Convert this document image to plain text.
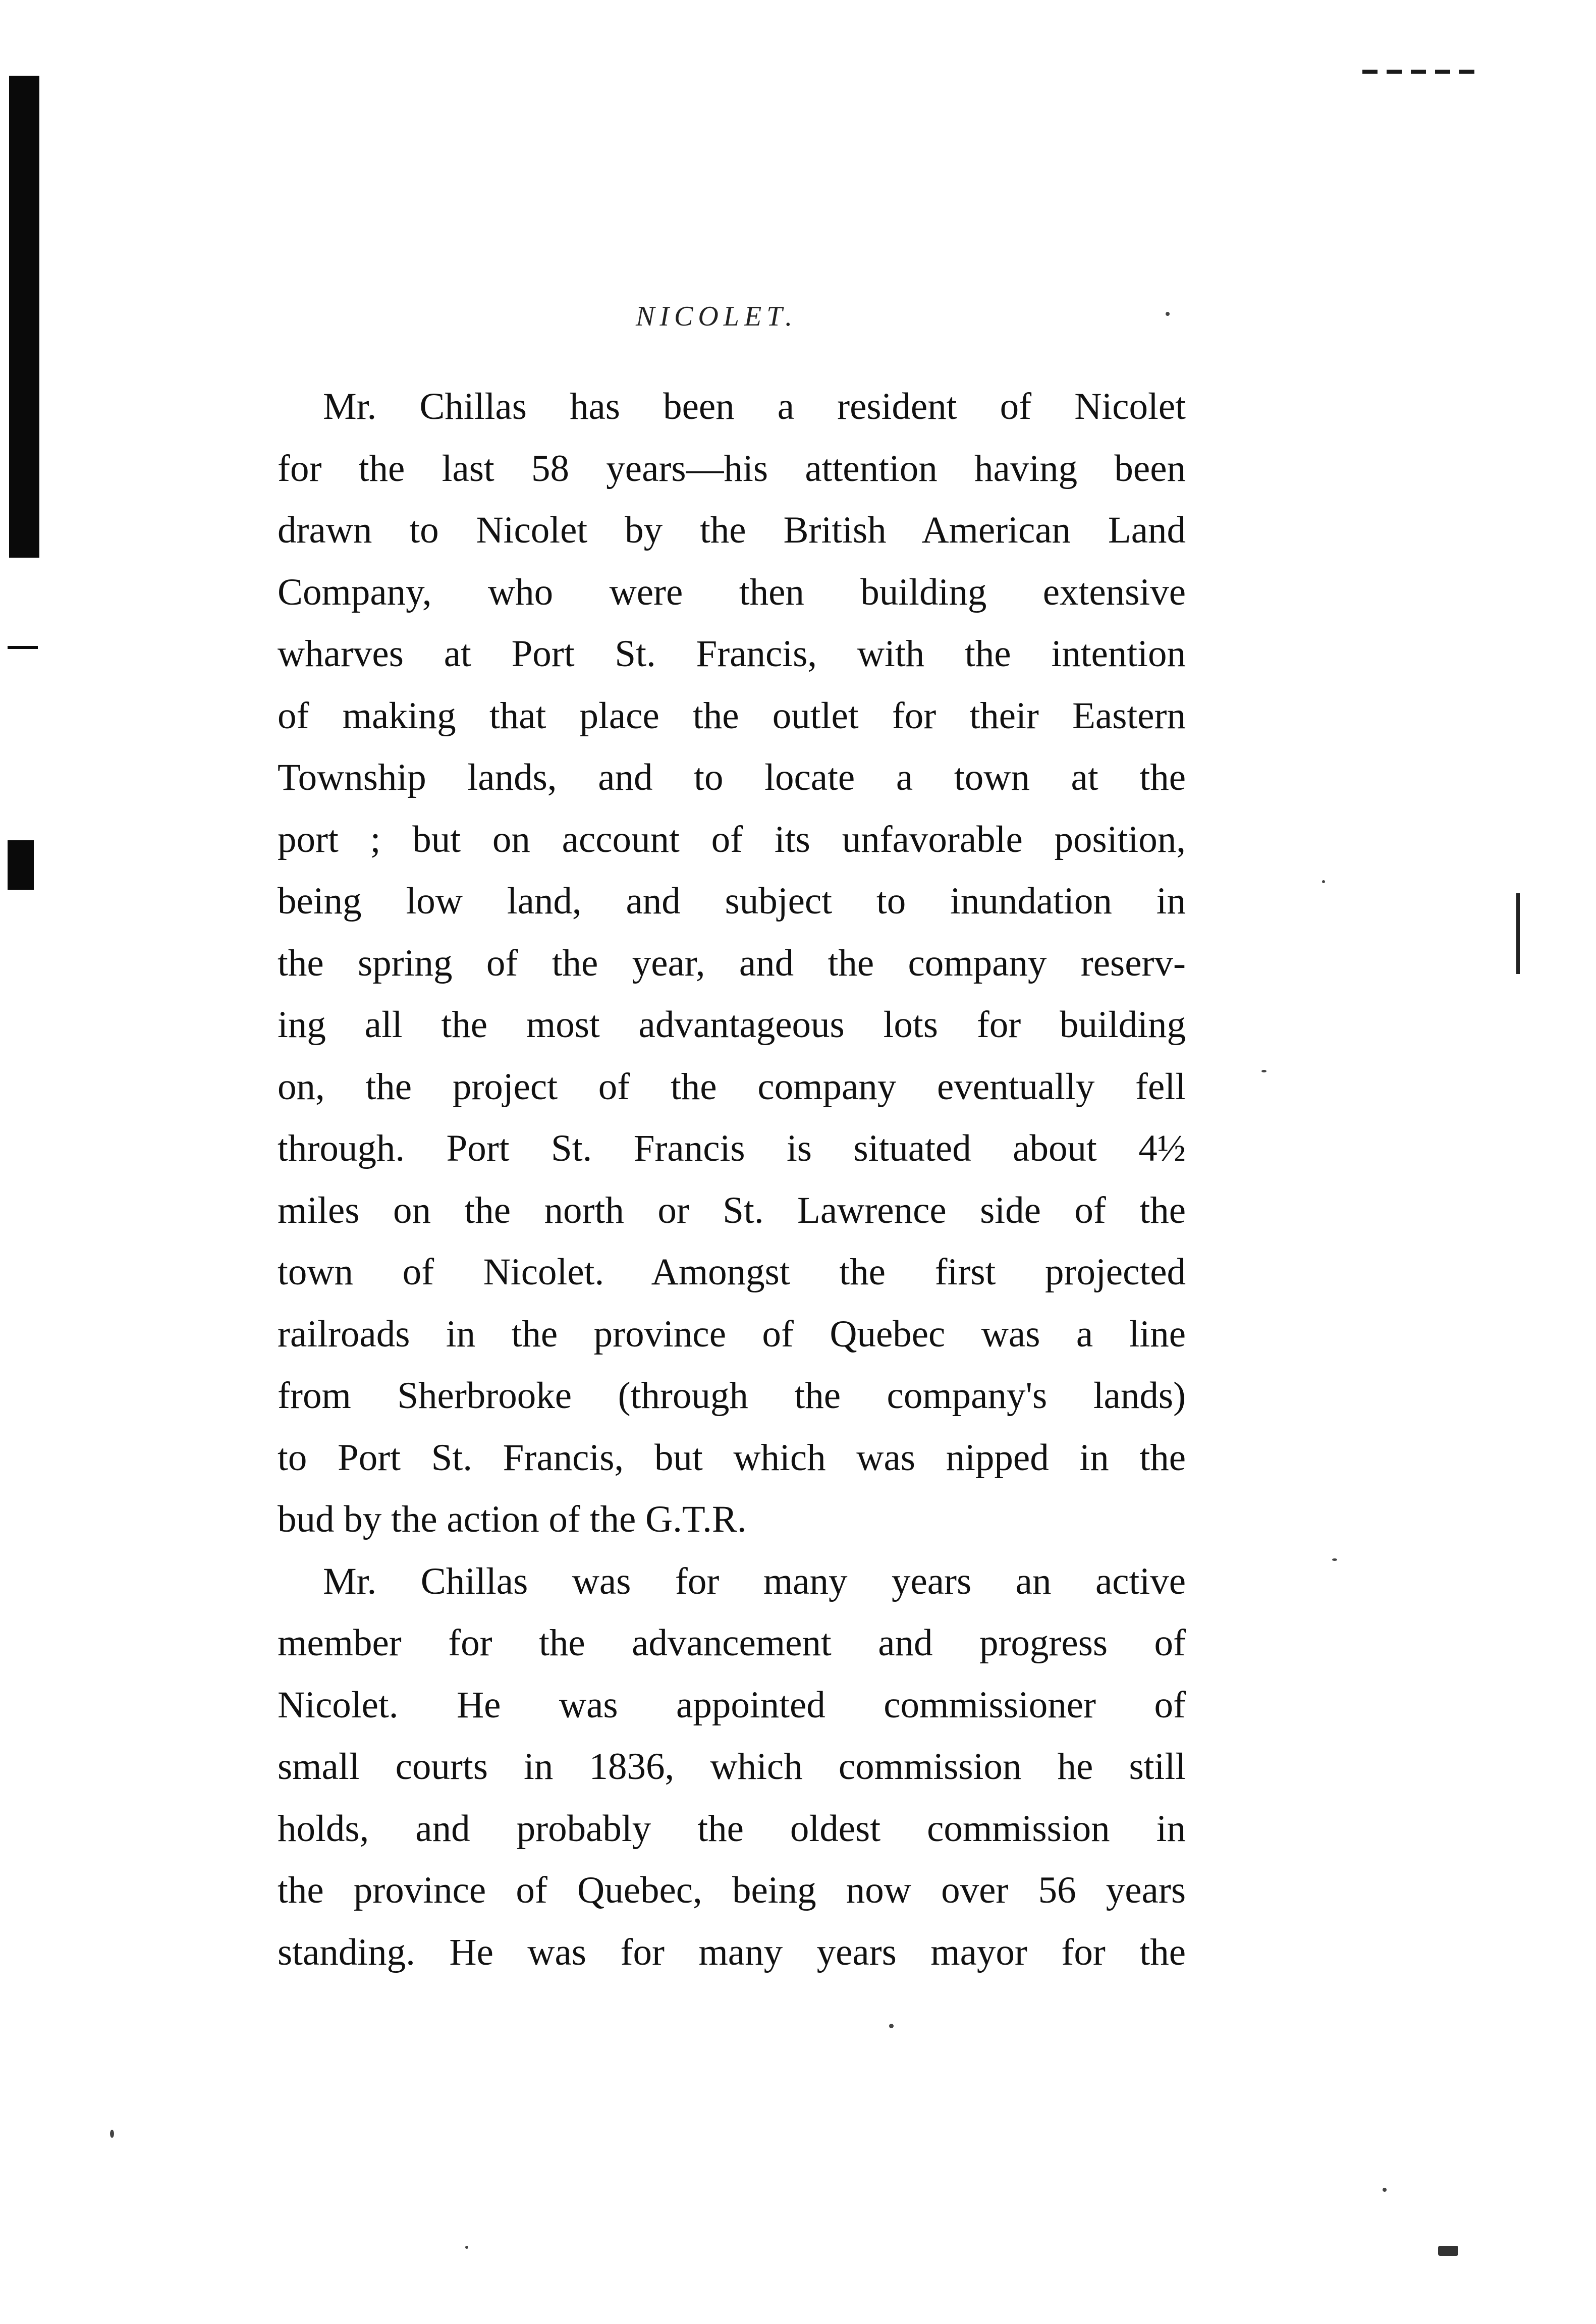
NICOLET.
Mr. Chillas has been a resident of Nicolet
for the last 58 years—his attention having been
drawn to Nicolet by the British American Land
Company, who were then building extensive
wharves at Port St. Francis, with the intention
of making that place the outlet for their Eastern
Township lands, and to locate a town at the
port ; but on account of its unfavorable position,
being low land, and subject to inundation in
the spring of the year, and the company reserv-
ing all the most advantageous lots for building
on, the project of the company eventually fell
through. Port St. Francis is situated about 4½
miles on the north or St. Lawrence side of the
town of Nicolet. Amongst the first projected
railroads in the province of Quebec was a line
from Sherbrooke (through the company's lands)
to Port St. Francis, but which was nipped in the
bud by the action of the G.T.R.
Mr. Chillas was for many years an active
member for the advancement and progress of
Nicolet. He was appointed commissioner of
small courts in 1836, which commission he still
holds, and probably the oldest commission in
the province of Quebec, being now over 56 years
standing. He was for many years mayor for the
